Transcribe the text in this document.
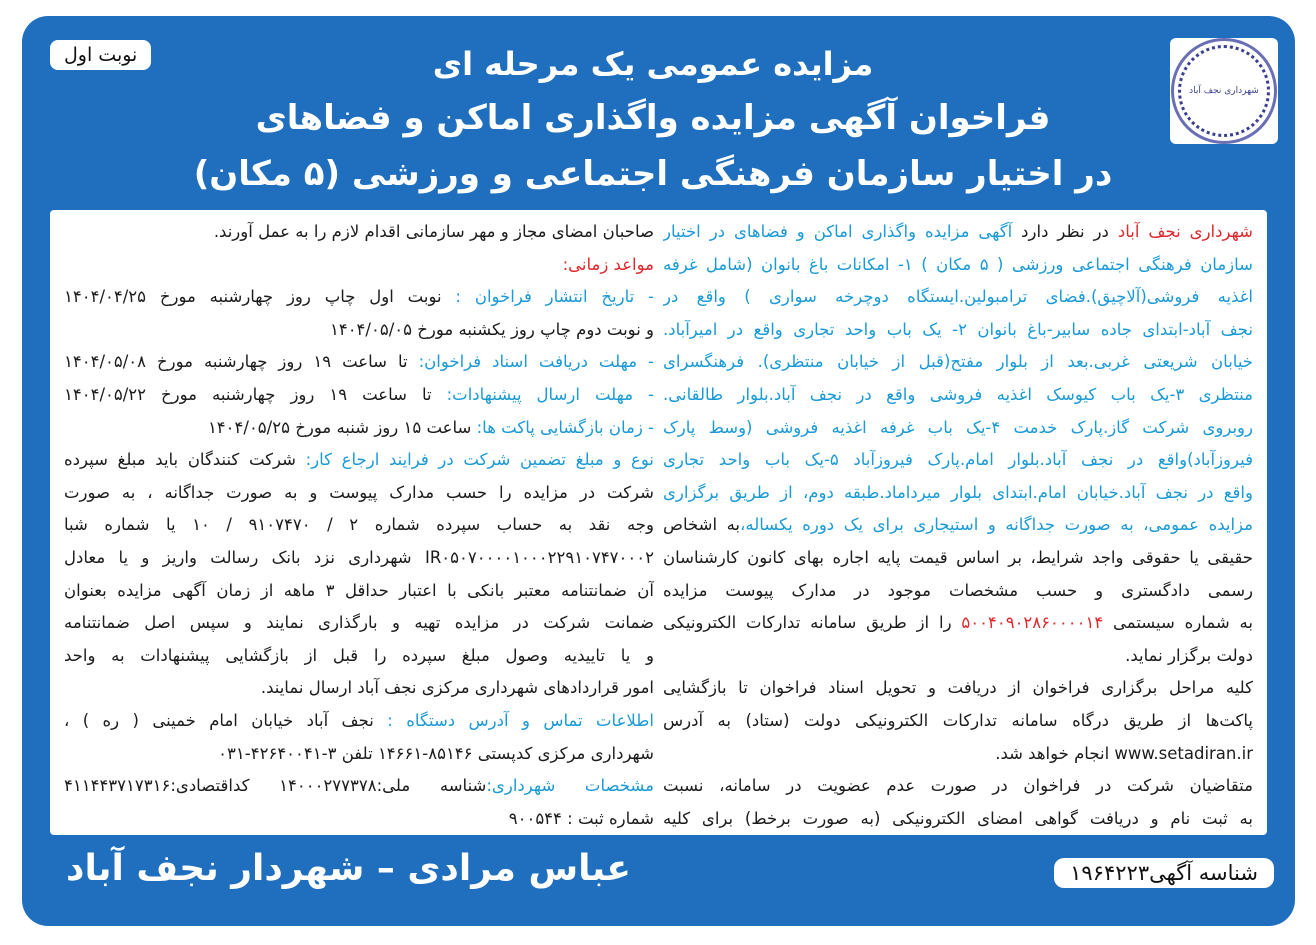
شهرداری نجف آباد
نوبت اول	مزایده عمومی یک مرحله ای
فراخوان آگهی مزایده واگذاری اماکن و فضاهای
در اختیار سازمان فرهنگی اجتماعی و ورزشی (۵ مکان)
شهرداری نجف آباد در نظر دارد آگهی مزایده واگذاری اماکن و فضاهای در اختیار
سازمان فرهنگی اجتماعی ورزشی ( ۵ مکان ) ۱- امکانات باغ بانوان (شامل غرفه
اغذیه فروشی(آلاچیق).فضای ترامبولین.ایستگاه دوچرخه سواری ) واقع در
نجف آباد-ابتدای جاده سابیر-باغ بانوان ۲- یک باب واحد تجاری واقع در امیرآباد.
خیابان شریعتی غربی.بعد از بلوار مفتح(قبل از خیابان منتظری). فرهنگسرای
منتظری ۳-یک باب کیوسک اغذیه فروشی واقع در نجف آباد.بلوار طالقانی.
روبروی شرکت گاز.پارک خدمت ۴-یک باب غرفه اغذیه فروشی (وسط پارک
فیروزآباد)واقع در نجف آباد.بلوار امام.پارک فیروزآباد ۵-یک باب واحد تجاری
واقع در نجف آباد.خیابان امام.ابتدای بلوار میرداماد.طبقه دوم، از طریق برگزاری
مزایده عمومی، به صورت جداگانه و استیجاری برای یک دوره یکساله،به اشخاص
حقیقی یا حقوقی واجد شرایط، بر اساس قیمت پایه اجاره بهای کانون کارشناسان
رسمی دادگستری و حسب مشخصات موجود در مدارک پیوست مزایده
به شماره سیستمی ۵۰۰۴۰۹۰۲۸۶۰۰۰۰۱۴ را از طریق سامانه تدارکات الکترونیکی
دولت برگزار نماید.
کلیه مراحل برگزاری فراخوان از دریافت و تحویل اسناد فراخوان تا بازگشایی
پاکت‌ها از طریق درگاه سامانه تدارکات الکترونیکی دولت (ستاد) به آدرس
www.setadiran.ir انجام خواهد شد.
متقاضیان شرکت در فراخوان در صورت عدم عضویت در سامانه، نسبت
به ثبت نام و دریافت گواهی امضای الکترونیکی (به صورت برخط) برای کلیه
صاحبان امضای مجاز و مهر سازمانی اقدام لازم را به عمل آورند.
مواعد زمانی:
- تاریخ انتشار فراخوان : نوبت اول چاپ روز چهارشنبه مورخ ۱۴۰۴/۰۴/۲۵
و نوبت دوم چاپ روز یکشنبه مورخ ۱۴۰۴/۰۵/۰۵
- مهلت دریافت اسناد فراخوان: تا ساعت ۱۹ روز چهارشنبه مورخ ۱۴۰۴/۰۵/۰۸
- مهلت ارسال پیشنهادات: تا ساعت ۱۹ روز چهارشنبه مورخ ۱۴۰۴/۰۵/۲۲
- زمان بازگشایی پاکت ها: ساعت ۱۵ روز شنبه مورخ ۱۴۰۴/۰۵/۲۵
نوع و مبلغ تضمین شرکت در فرایند ارجاع کار: شرکت کنندگان باید مبلغ سپرده
شرکت در مزایده را حسب مدارک پیوست و به صورت جداگانه ، به صورت
وجه نقد به حساب سپرده شماره ۲ / ۹۱۰۷۴۷۰ / ۱۰ یا شماره شبا
IR۰۵۰۷۰۰۰۰۱۰۰۰۲۲۹۱۰۷۴۷۰۰۰۲ شهرداری نزد بانک رسالت واریز و یا معادل
آن ضمانتنامه معتبر بانکی با اعتبار حداقل ۳ ماهه از زمان آگهی مزایده بعنوان
ضمانت شرکت در مزایده تهیه و بارگذاری نمایند و سپس اصل ضمانتنامه
و یا تاییدیه وصول مبلغ سپرده را قبل از بازگشایی پیشنهادات به واحد
امور قراردادهای شهرداری مرکزی نجف آباد ارسال نمایند.
اطلاعات تماس و آدرس دستگاه : نجف آباد خیابان امام خمینی ( ره ) ،
شهرداری مرکزی کدپستی ۸۵۱۴۶-۱۴۶۶۱ تلفن ۳-۴۲۶۴۰۰۴۱-۰۳۱
مشخصات شهرداری:شناسه ملی:۱۴۰۰۰۲۷۷۳۷۸ کداقتصادی:۴۱۱۴۴۳۷۱۷۳۱۶
شماره ثبت : ۹۰۰۵۴۴
شناسه آگهی۱۹۶۴۲۲۳
عباس مرادی – شهردار نجف آباد
